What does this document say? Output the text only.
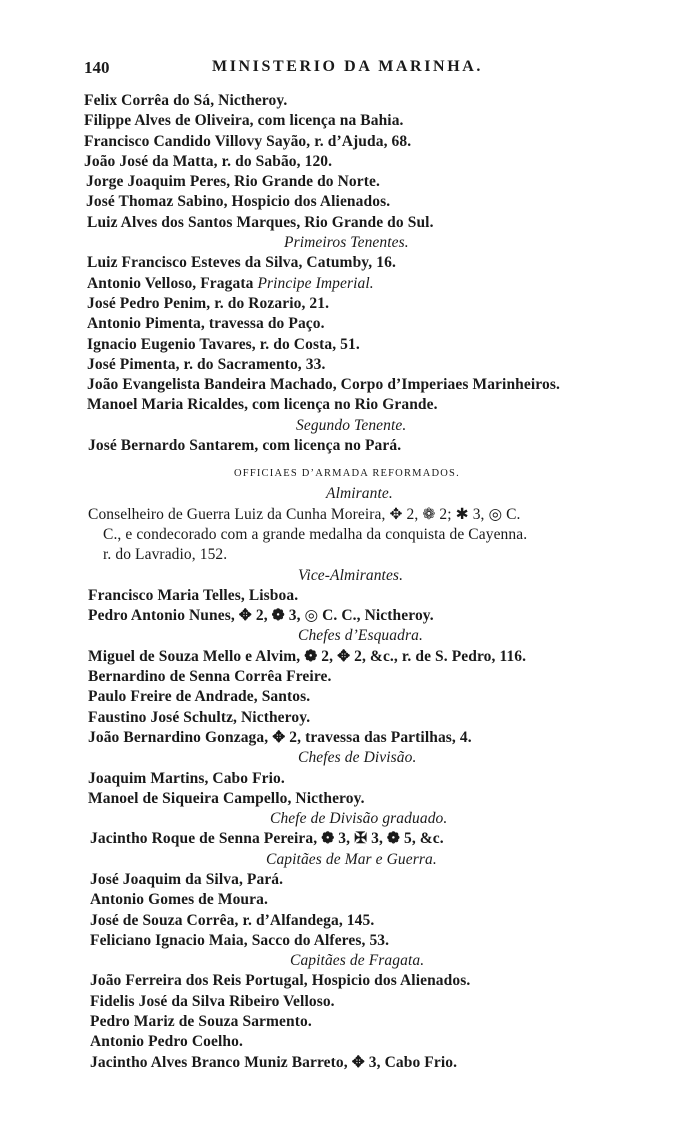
140	MINISTERIO DA MARINHA.
Felix Corrêa do Sá, Nictheroy.
Filippe Alves de Oliveira, com licença na Bahia.
Francisco Candido Villovy Sayão, r. d’Ajuda, 68.
João José da Matta, r. do Sabão, 120.
Jorge Joaquim Peres, Rio Grande do Norte.
José Thomaz Sabino, Hospicio dos Alienados.
Luiz Alves dos Santos Marques, Rio Grande do Sul.
Primeiros Tenentes.
Luiz Francisco Esteves da Silva, Catumby, 16.
Antonio Velloso, Fragata Principe Imperial.
José Pedro Penim, r. do Rozario, 21.
Antonio Pimenta, travessa do Paço.
Ignacio Eugenio Tavares, r. do Costa, 51.
José Pimenta, r. do Sacramento, 33.
João Evangelista Bandeira Machado, Corpo d’Imperiaes Marinheiros.
Manoel Maria Ricaldes, com licença no Rio Grande.
Segundo Tenente.
José Bernardo Santarem, com licença no Pará.
OFFICIAES D’ARMADA REFORMADOS.
Almirante.
Conselheiro de Guerra Luiz da Cunha Moreira, ✥ 2, ❁ 2; ✱ 3, ◎ C.
C., e condecorado com a grande medalha da conquista de Cayenna.
r. do Lavradio, 152.
Vice-Almirantes.
Francisco Maria Telles, Lisboa.
Pedro Antonio Nunes, ✥ 2, ❁ 3, ◎ C. C., Nictheroy.
Chefes d’Esquadra.
Miguel de Souza Mello e Alvim, ❁ 2, ✥ 2, &c., r. de S. Pedro, 116.
Bernardino de Senna Corrêa Freire.
Paulo Freire de Andrade, Santos.
Faustino José Schultz, Nictheroy.
João Bernardino Gonzaga, ✥ 2, travessa das Partilhas, 4.
Chefes de Divisão.
Joaquim Martins, Cabo Frio.
Manoel de Siqueira Campello, Nictheroy.
Chefe de Divisão graduado.
Jacintho Roque de Senna Pereira, ❁ 3, ✠ 3, ❁ 5, &c.
Capitães de Mar e Guerra.
José Joaquim da Silva, Pará.
Antonio Gomes de Moura.
José de Souza Corrêa, r. d’Alfandega, 145.
Feliciano Ignacio Maia, Sacco do Alferes, 53.
Capitães de Fragata.
João Ferreira dos Reis Portugal, Hospicio dos Alienados.
Fidelis José da Silva Ribeiro Velloso.
Pedro Mariz de Souza Sarmento.
Antonio Pedro Coelho.
Jacintho Alves Branco Muniz Barreto, ✥ 3, Cabo Frio.
